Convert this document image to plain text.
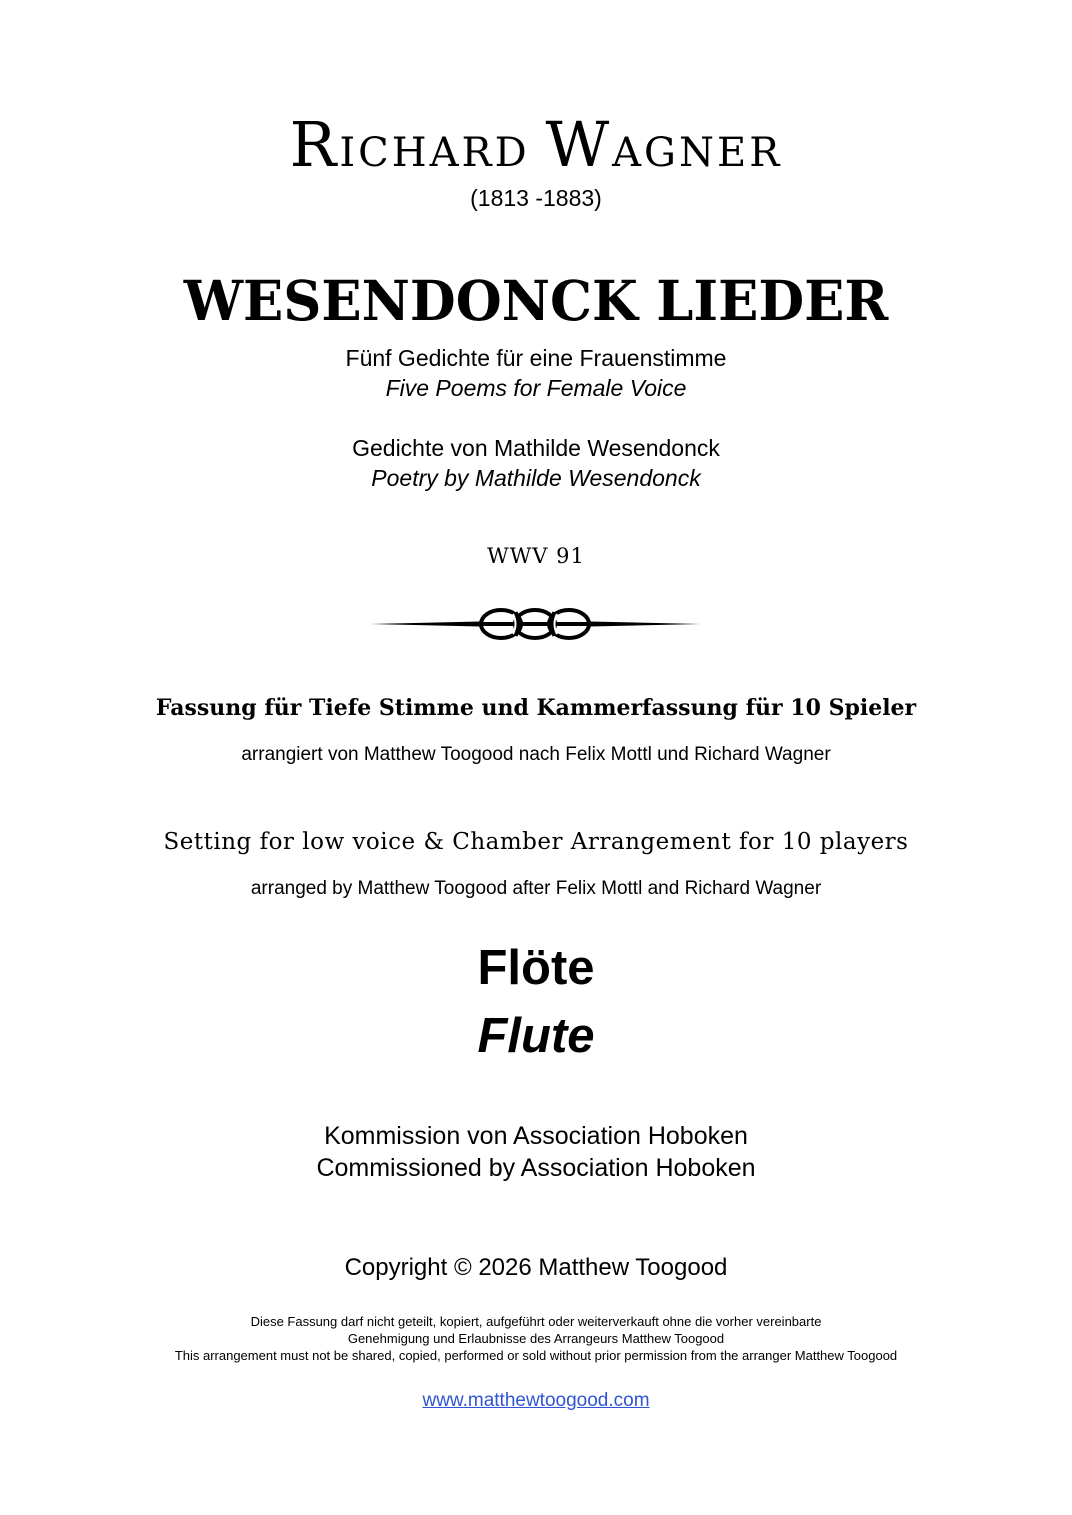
RICHARD WAGNER
(1813 -1883)
WESENDONCK LIEDER
Fünf Gedichte für eine Frauenstimme
Five Poems for Female Voice
Gedichte von Mathilde Wesendonck
Poetry by Mathilde Wesendonck
WWV 91
Fassung für Tiefe Stimme und Kammerfassung für 10 Spieler
arrangiert von Matthew Toogood nach Felix Mottl und Richard Wagner
Setting for low voice & Chamber Arrangement for 10 players
arranged by Matthew Toogood after Felix Mottl and Richard Wagner
Flöte
Flute
Kommission von Association Hoboken
Commissioned by Association Hoboken
Copyright © 2026 Matthew Toogood
Diese Fassung darf nicht geteilt, kopiert, aufgeführt oder weiterverkauft ohne die vorher vereinbarte
Genehmigung und Erlaubnisse des Arrangeurs Matthew Toogood
This arrangement must not be shared, copied, performed or sold without prior permission from the arranger Matthew Toogood
www.matthewtoogood.com
